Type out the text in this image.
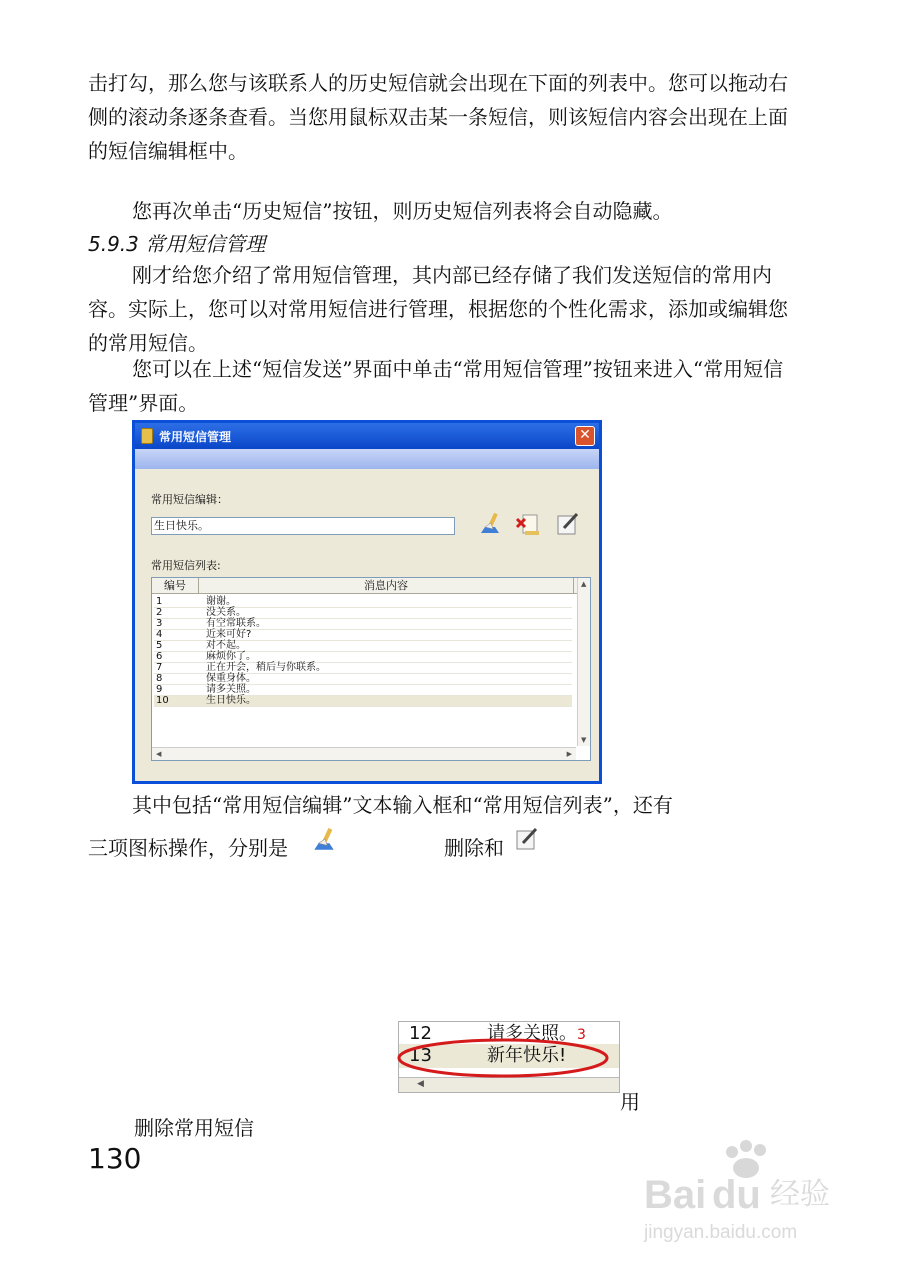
击打勾，那么您与该联系人的历史短信就会出现在下面的列表中。您可以拖动右侧的滚动条逐条查看。当您用鼠标双击某一条短信，则该短信内容会出现在上面的短信编辑框中。

您再次单击“历史短信”按钮，则历史短信列表将会自动隐藏。

5.9.3 常用短信管理

刚才给您介绍了常用短信管理，其内部已经存储了我们发送短信的常用内容。实际上，您可以对常用短信进行管理，根据您的个性化需求，添加或编辑您的常用短信。

您可以在上述“短信发送”界面中单击“常用短信管理”按钮来进入“常用短信管理”界面。

常用短信管理	✕
常用短信编辑：
生日快乐。
常用短信列表:
编号	消息内容
1	谢谢。
2	没关系。
3	有空常联系。
4	近来可好?
5	对不起。
6	麻烦你了。
7	正在开会，稍后与你联系。
8	保重身体。
9	请多关照。
10	生日快乐。
▲
▼
◀	▶

其中包括“常用短信编辑”文本输入框和“常用短信列表”，还有

三项图标操作，分别是	删除和
12	请多关照。3
13	新年快乐!
◀
用
删除常用短信
130
Bai du 经验
jingyan.baidu.com
